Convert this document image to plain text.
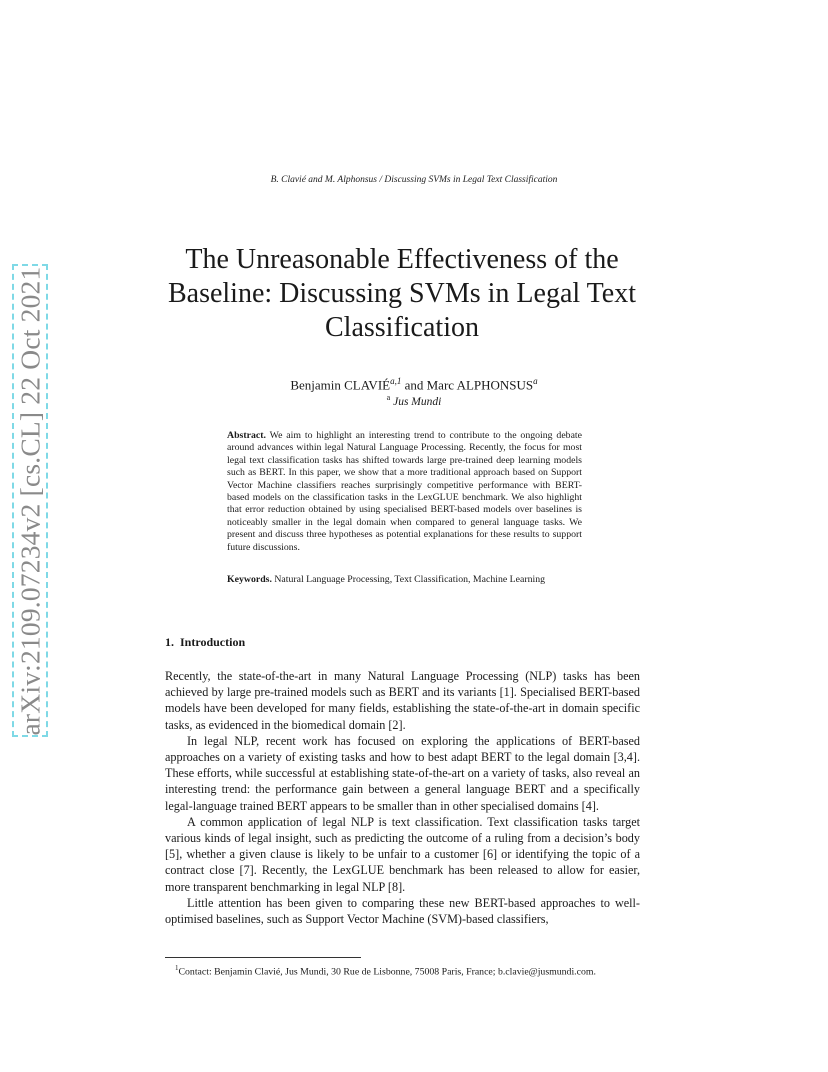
arXiv:2109.07234v2 [cs.CL] 22 Oct 2021
B. Clavié and M. Alphonsus / Discussing SVMs in Legal Text Classification
The Unreasonable Effectiveness of the
Baseline: Discussing SVMs in Legal Text
Classification
Benjamin CLAVIÉ$^{a,1}$ and Marc ALPHONSUS$^a$
$^a$ Jus Mundi

Abstract. We aim to highlight an interesting trend to contribute to the ongoing debate around advances within legal Natural Language Processing. Recently, the focus for most legal text classification tasks has shifted towards large pre-trained deep learning models such as BERT. In this paper, we show that a more traditional approach based on Support Vector Machine classifiers reaches surprisingly competitive performance with BERT-based models on the classification tasks in the LexGLUE benchmark. We also highlight that error reduction obtained by using specialised BERT-based models over baselines is noticeably smaller in the legal domain when compared to general language tasks. We present and discuss three hypotheses as potential explanations for these results to support future discussions.

Keywords. Natural Language Processing, Text Classification, Machine Learning

1. Introduction

Recently, the state-of-the-art in many Natural Language Processing (NLP) tasks has been achieved by large pre-trained models such as BERT and its variants [1]. Specialised BERT-based models have been developed for many fields, establishing the state-of-the-art in domain specific tasks, as evidenced in the biomedical domain [2].

In legal NLP, recent work has focused on exploring the applications of BERT-based approaches on a variety of existing tasks and how to best adapt BERT to the legal domain [3,4]. These efforts, while successful at establishing state-of-the-art on a variety of tasks, also reveal an interesting trend: the performance gain between a general language BERT and a specifically legal-language trained BERT appears to be smaller than in other specialised domains [4].

A common application of legal NLP is text classification. Text classification tasks target various kinds of legal insight, such as predicting the outcome of a ruling from a decision’s body [5], whether a given clause is likely to be unfair to a customer [6] or identifying the topic of a contract close [7]. Recently, the LexGLUE benchmark has been released to allow for easier, more transparent benchmarking in legal NLP [8].

Little attention has been given to comparing these new BERT-based approaches to well-optimised baselines, such as Support Vector Machine (SVM)-based classifiers,

$^1$Contact: Benjamin Clavié, Jus Mundi, 30 Rue de Lisbonne, 75008 Paris, France; b.clavie@jusmundi.com.
